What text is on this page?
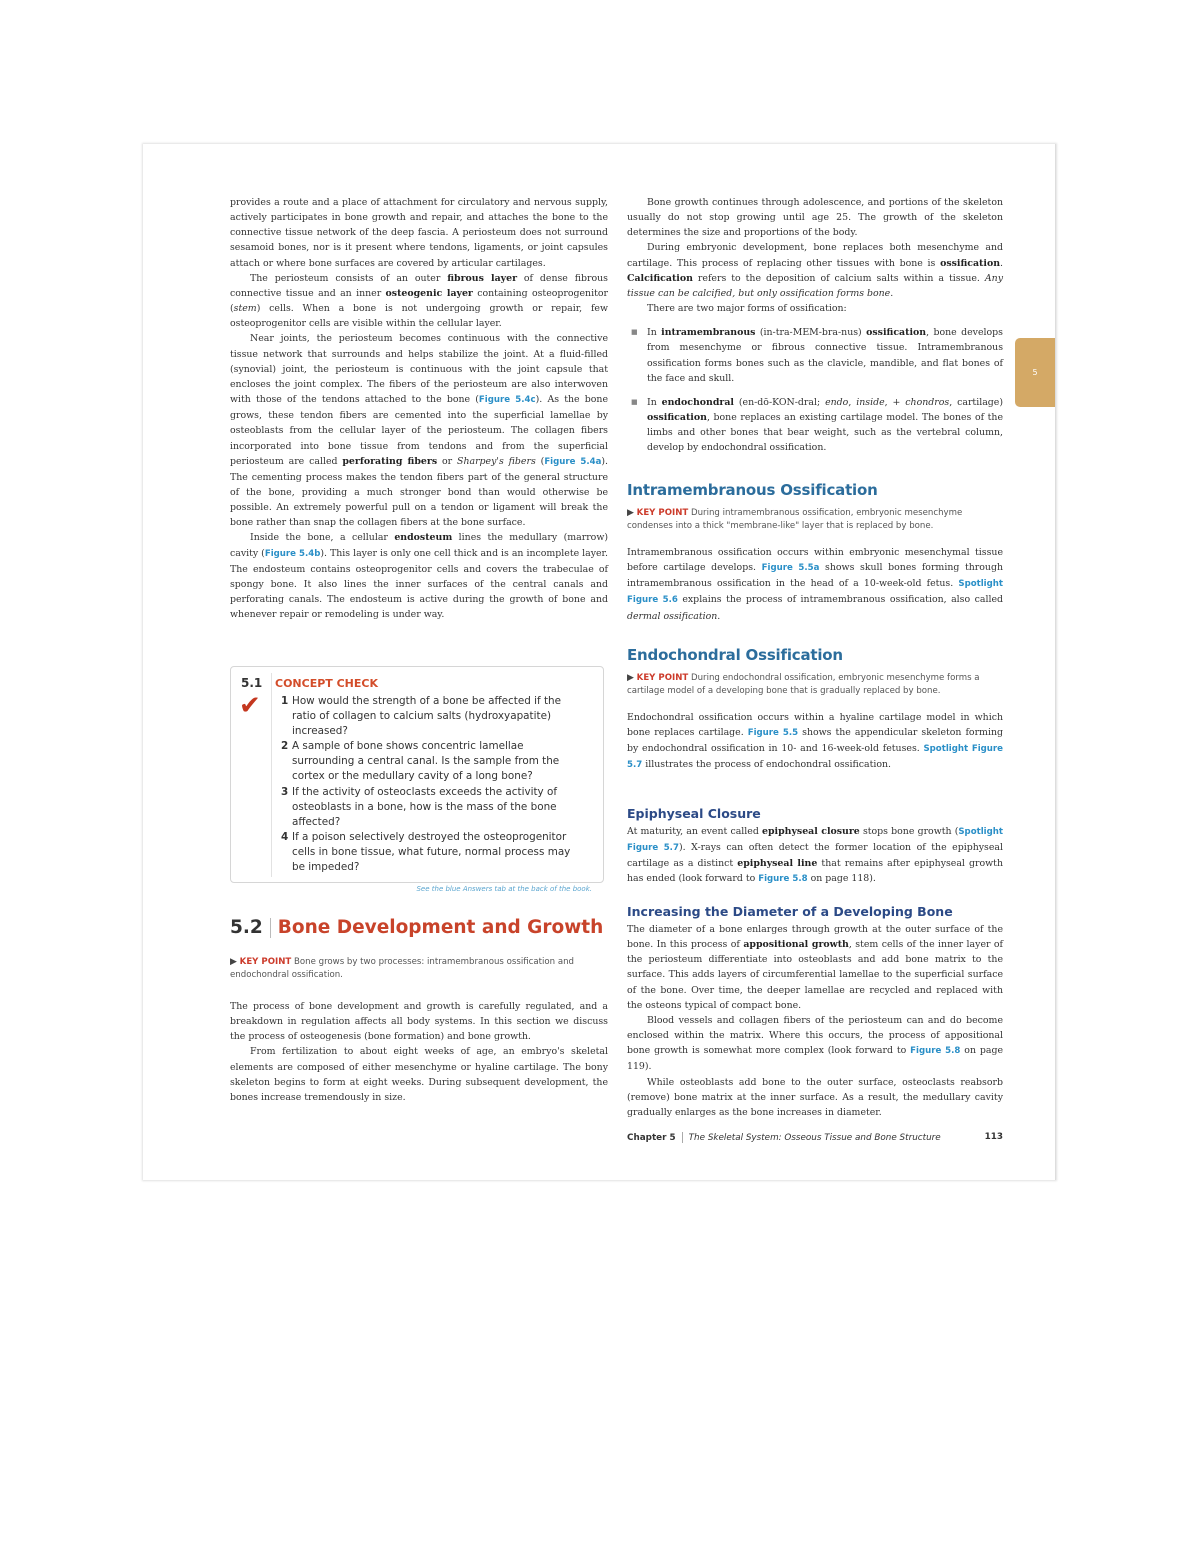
provides a route and a place of attachment for circulatory and nervous supply, actively participates in bone growth and repair, and attaches the bone to the connective tissue network of the deep fascia. A periosteum does not surround sesamoid bones, nor is it present where tendons, ligaments, or joint capsules attach or where bone surfaces are covered by articular cartilages.

The periosteum consists of an outer fibrous layer of dense fibrous connective tissue and an inner osteogenic layer containing osteoprogenitor (stem) cells. When a bone is not undergoing growth or repair, few osteoprogenitor cells are visible within the cellular layer.

Near joints, the periosteum becomes continuous with the connective tissue network that surrounds and helps stabilize the joint. At a fluid-filled (synovial) joint, the periosteum is continuous with the joint capsule that encloses the joint complex. The fibers of the periosteum are also interwoven with those of the tendons attached to the bone (Figure 5.4c). As the bone grows, these tendon fibers are cemented into the superficial lamellae by osteoblasts from the cellular layer of the periosteum. The collagen fibers incorporated into bone tissue from tendons and from the superficial periosteum are called perforating fibers or Sharpey's fibers (Figure 5.4a). The cementing process makes the tendon fibers part of the general structure of the bone, providing a much stronger bond than would otherwise be possible. An extremely powerful pull on a tendon or ligament will break the bone rather than snap the collagen fibers at the bone surface.

Inside the bone, a cellular endosteum lines the medullary (marrow) cavity (Figure 5.4b). This layer is only one cell thick and is an incomplete layer. The endosteum contains osteoprogenitor cells and covers the trabeculae of spongy bone. It also lines the inner surfaces of the central canals and perforating canals. The endosteum is active during the growth of bone and whenever repair or remodeling is under way.

5.1 CONCEPT CHECK
✔ 1 How would the strength of a bone be affected if the ratio of collagen to calcium salts (hydroxyapatite) increased?
2 A sample of bone shows concentric lamellae surrounding a central canal. Is the sample from the cortex or the medullary cavity of a long bone?
3 If the activity of osteoclasts exceeds the activity of osteoblasts in a bone, how is the mass of the bone affected?
4 If a poison selectively destroyed the osteoprogenitor cells in bone tissue, what future, normal process may be impeded?
See the blue Answers tab at the back of the book.
5.2 Bone Development and Growth
▶ KEY POINT Bone grows by two processes: intramembranous ossification and endochondral ossification.

The process of bone development and growth is carefully regulated, and a breakdown in regulation affects all body systems. In this section we discuss the process of osteogenesis (bone formation) and bone growth.

From fertilization to about eight weeks of age, an embryo's skeletal elements are composed of either mesenchyme or hyaline cartilage. The bony skeleton begins to form at eight weeks. During subsequent development, the bones increase tremendously in size.

Bone growth continues through adolescence, and portions of the skeleton usually do not stop growing until age 25. The growth of the skeleton determines the size and proportions of the body.

During embryonic development, bone replaces both mesenchyme and cartilage. This process of replacing other tissues with bone is ossification. Calcification refers to the deposition of calcium salts within a tissue. Any tissue can be calcified, but only ossification forms bone.

There are two major forms of ossification:

■ In intramembranous (in-tra-MEM-bra-nus) ossification, bone develops from mesenchyme or fibrous connective tissue. Intramembranous ossification forms bones such as the clavicle, mandible, and flat bones of the face and skull.
■ In endochondral (en-dō-KON-dral; endo, inside, + chondros, cartilage) ossification, bone replaces an existing cartilage model. The bones of the limbs and other bones that bear weight, such as the vertebral column, develop by endochondral ossification.
Intramembranous Ossification
▶ KEY POINT During intramembranous ossification, embryonic mesenchyme condenses into a thick "membrane-like" layer that is replaced by bone.

Intramembranous ossification occurs within embryonic mesenchymal tissue before cartilage develops. Figure 5.5a shows skull bones forming through intramembranous ossification in the head of a 10-week-old fetus. Spotlight Figure 5.6 explains the process of intramembranous ossification, also called dermal ossification.

Endochondral Ossification
▶ KEY POINT During endochondral ossification, embryonic mesenchyme forms a cartilage model of a developing bone that is gradually replaced by bone.

Endochondral ossification occurs within a hyaline cartilage model in which bone replaces cartilage. Figure 5.5 shows the appendicular skeleton forming by endochondral ossification in 10- and 16-week-old fetuses. Spotlight Figure 5.7 illustrates the process of endochondral ossification.

Epiphyseal Closure

At maturity, an event called epiphyseal closure stops bone growth (Spotlight Figure 5.7). X-rays can often detect the former location of the epiphyseal cartilage as a distinct epiphyseal line that remains after epiphyseal growth has ended (look forward to Figure 5.8 on page 118).

Increasing the Diameter of a Developing Bone

The diameter of a bone enlarges through growth at the outer surface of the bone. In this process of appositional growth, stem cells of the inner layer of the periosteum differentiate into osteoblasts and add bone matrix to the surface. This adds layers of circumferential lamellae to the superficial surface of the bone. Over time, the deeper lamellae are recycled and replaced with the osteons typical of compact bone.

Blood vessels and collagen fibers of the periosteum can and do become enclosed within the matrix. Where this occurs, the process of appositional bone growth is somewhat more complex (look forward to Figure 5.8 on page 119).

While osteoblasts add bone to the outer surface, osteoclasts reabsorb (remove) bone matrix at the inner surface. As a result, the medullary cavity gradually enlarges as the bone increases in diameter.

Chapter 5 The Skeletal System: Osseous Tissue and Bone Structure	113
5
